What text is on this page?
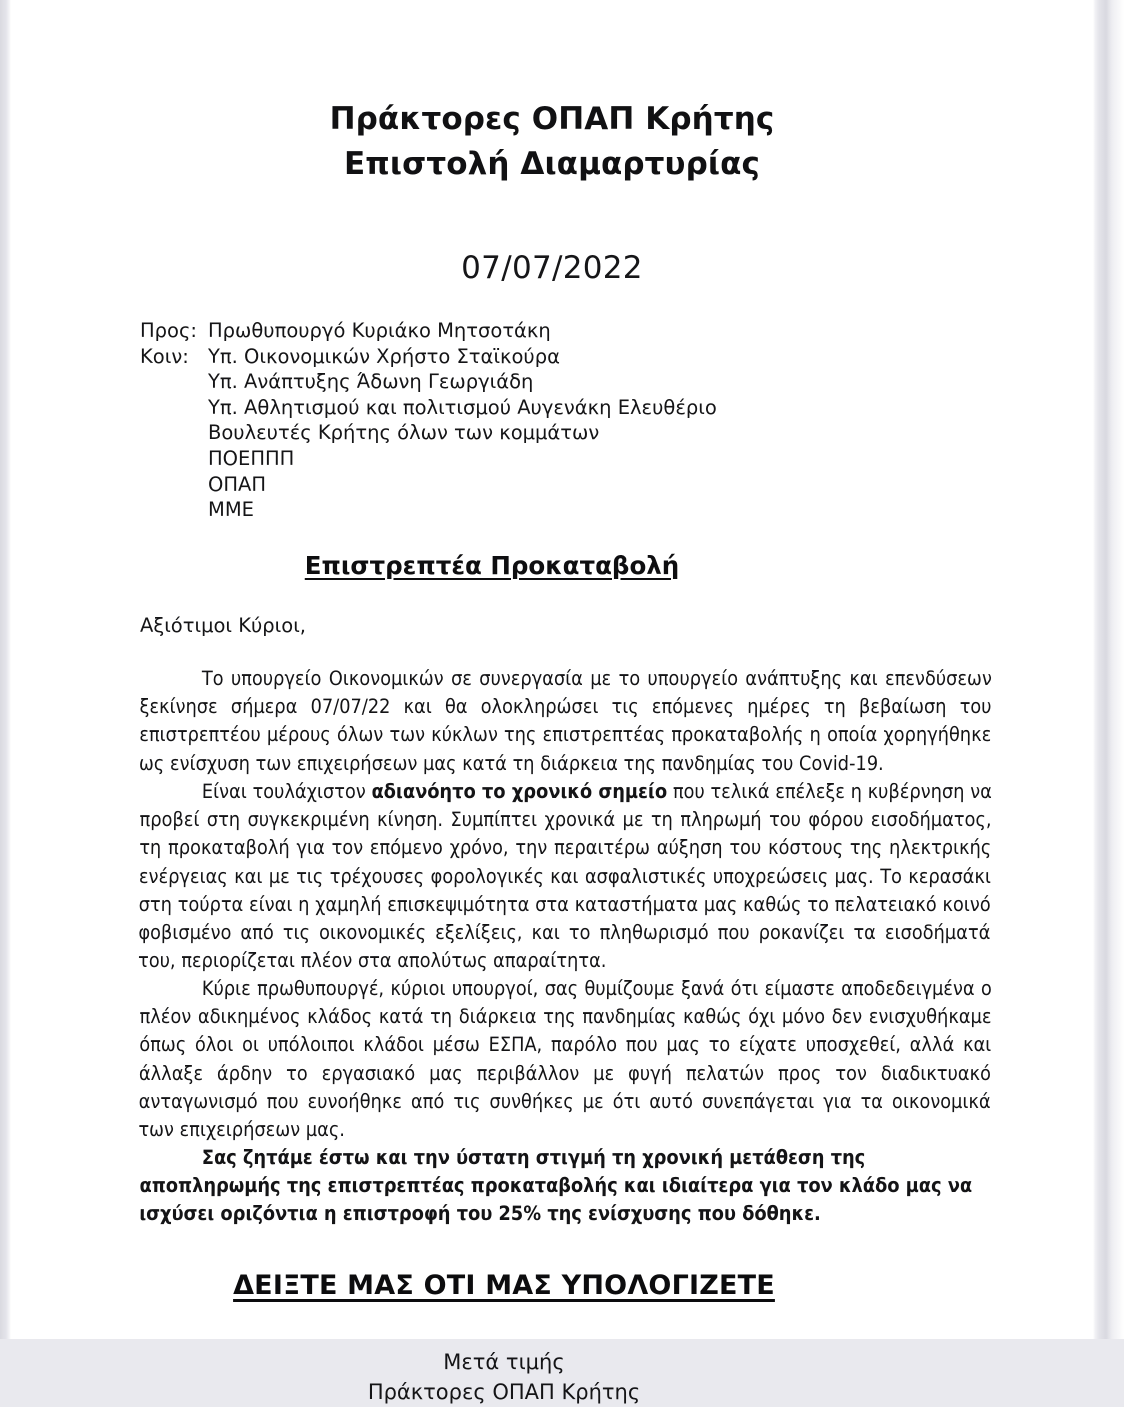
Πράκτορες ΟΠΑΠ Κρήτης
Επιστολή Διαμαρτυρίας
07/07/2022
Προς: Πρωθυπουργό Κυριάκο Μητσοτάκη
Κοιν: Υπ. Οικονομικών Χρήστο Σταϊκούρα
Υπ. Ανάπτυξης Άδωνη Γεωργιάδη
Υπ. Αθλητισμού και πολιτισμού Αυγενάκη Ελευθέριο
Βουλευτές Κρήτης όλων των κομμάτων
ΠΟΕΠΠΠ
ΟΠΑΠ
ΜΜΕ
Επιστρεπτέα Προκαταβολή
Αξιότιμοι Κύριοι,

Το υπουργείο Οικονομικών σε συνεργασία με το υπουργείο ανάπτυξης και επενδύσεων ξεκίνησε σήμερα 07/07/22 και θα ολοκληρώσει τις επόμενες ημέρες τη βεβαίωση του επιστρεπτέου μέρους όλων των κύκλων της επιστρεπτέας προκαταβολής η οποία χορηγήθηκε ως ενίσχυση των επιχειρήσεων μας κατά τη διάρκεια της πανδημίας του Covid-19.

Είναι τουλάχιστον αδιανόητο το χρονικό σημείο που τελικά επέλεξε η κυβέρνηση να προβεί στη συγκεκριμένη κίνηση. Συμπίπτει χρονικά με τη πληρωμή του φόρου εισοδήματος, τη προκαταβολή για τον επόμενο χρόνο, την περαιτέρω αύξηση του κόστους της ηλεκτρικής ενέργειας και με τις τρέχουσες φορολογικές και ασφαλιστικές υποχρεώσεις μας. Το κερασάκι στη τούρτα είναι η χαμηλή επισκεψιμότητα στα καταστήματα μας καθώς το πελατειακό κοινό φοβισμένο από τις οικονομικές εξελίξεις, και το πληθωρισμό που ροκανίζει τα εισοδήματά του, περιορίζεται πλέον στα απολύτως απαραίτητα.

Κύριε πρωθυπουργέ, κύριοι υπουργοί, σας θυμίζουμε ξανά ότι είμαστε αποδεδειγμένα ο πλέον αδικημένος κλάδος κατά τη διάρκεια της πανδημίας καθώς όχι μόνο δεν ενισχυθήκαμε όπως όλοι οι υπόλοιποι κλάδοι μέσω ΕΣΠΑ, παρόλο που μας το είχατε υποσχεθεί, αλλά και άλλαξε άρδην το εργασιακό μας περιβάλλον με φυγή πελατών προς τον διαδικτυακό ανταγωνισμό που ευνοήθηκε από τις συνθήκες με ότι αυτό συνεπάγεται για τα οικονομικά των επιχειρήσεων μας.

Σας ζητάμε έστω και την ύστατη στιγμή τη χρονική μετάθεση της αποπληρωμής της επιστρεπτέας προκαταβολής και ιδιαίτερα για τον κλάδο μας να ισχύσει οριζόντια η επιστροφή του 25% της ενίσχυσης που δόθηκε.

ΔΕΙΞΤΕ ΜΑΣ ΟΤΙ ΜΑΣ ΥΠΟΛΟΓΙΖΕΤΕ
Μετά τιμής
Πράκτορες ΟΠΑΠ Κρήτης
